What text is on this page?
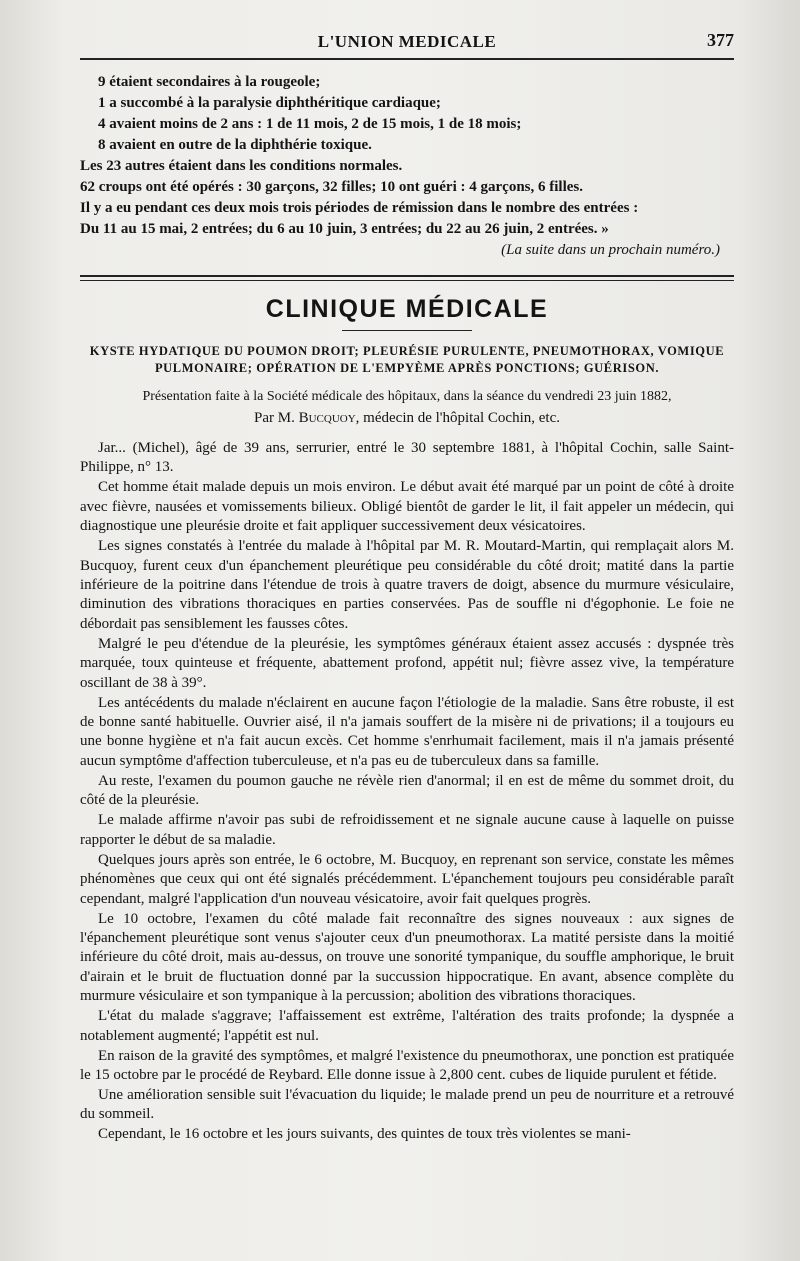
L'UNION MEDICALE	377
9 étaient secondaires à la rougeole;
1 a succombé à la paralysie diphthéritique cardiaque;
4 avaient moins de 2 ans : 1 de 11 mois, 2 de 15 mois, 1 de 18 mois;
8 avaient en outre de la diphthérie toxique.
Les 23 autres étaient dans les conditions normales.
62 croups ont été opérés : 30 garçons, 32 filles; 10 ont guéri : 4 garçons, 6 filles.
Il y a eu pendant ces deux mois trois périodes de rémission dans le nombre des entrées :
Du 11 au 15 mai, 2 entrées; du 6 au 10 juin, 3 entrées; du 22 au 26 juin, 2 entrées. »
(La suite dans un prochain numéro.)
CLINIQUE MÉDICALE
KYSTE HYDATIQUE DU POUMON DROIT; PLEURÉSIE PURULENTE, PNEUMOTHORAX, VOMIQUE
PULMONAIRE; OPÉRATION DE L'EMPYÈME APRÈS PONCTIONS; GUÉRISON.
Présentation faite à la Société médicale des hôpitaux, dans la séance du vendredi 23 juin 1882,
Par M. Bucquoy, médecin de l'hôpital Cochin, etc.

Jar... (Michel), âgé de 39 ans, serrurier, entré le 30 septembre 1881, à l'hôpital Cochin, salle Saint-Philippe, n° 13.

Cet homme était malade depuis un mois environ. Le début avait été marqué par un point de côté à droite avec fièvre, nausées et vomissements bilieux. Obligé bientôt de garder le lit, il fait appeler un médecin, qui diagnostique une pleurésie droite et fait appliquer successivement deux vésicatoires.

Les signes constatés à l'entrée du malade à l'hôpital par M. R. Moutard-Martin, qui remplaçait alors M. Bucquoy, furent ceux d'un épanchement pleurétique peu considérable du côté droit; matité dans la partie inférieure de la poitrine dans l'étendue de trois à quatre travers de doigt, absence du murmure vésiculaire, diminution des vibrations thoraciques en parties conservées. Pas de souffle ni d'égophonie. Le foie ne débordait pas sensiblement les fausses côtes.

Malgré le peu d'étendue de la pleurésie, les symptômes généraux étaient assez accusés : dyspnée très marquée, toux quinteuse et fréquente, abattement profond, appétit nul; fièvre assez vive, la température oscillant de 38 à 39°.

Les antécédents du malade n'éclairent en aucune façon l'étiologie de la maladie. Sans être robuste, il est de bonne santé habituelle. Ouvrier aisé, il n'a jamais souffert de la misère ni de privations; il a toujours eu une bonne hygiène et n'a fait aucun excès. Cet homme s'enrhumait facilement, mais il n'a jamais présenté aucun symptôme d'affection tuberculeuse, et n'a pas eu de tuberculeux dans sa famille.

Au reste, l'examen du poumon gauche ne révèle rien d'anormal; il en est de même du sommet droit, du côté de la pleurésie.

Le malade affirme n'avoir pas subi de refroidissement et ne signale aucune cause à laquelle on puisse rapporter le début de sa maladie.

Quelques jours après son entrée, le 6 octobre, M. Bucquoy, en reprenant son service, constate les mêmes phénomènes que ceux qui ont été signalés précédemment. L'épanchement toujours peu considérable paraît cependant, malgré l'application d'un nouveau vésicatoire, avoir fait quelques progrès.

Le 10 octobre, l'examen du côté malade fait reconnaître des signes nouveaux : aux signes de l'épanchement pleurétique sont venus s'ajouter ceux d'un pneumothorax. La matité persiste dans la moitié inférieure du côté droit, mais au-dessus, on trouve une sonorité tympanique, du souffle amphorique, le bruit d'airain et le bruit de fluctuation donné par la succussion hippocratique. En avant, absence complète du murmure vésiculaire et son tympanique à la percussion; abolition des vibrations thoraciques.

L'état du malade s'aggrave; l'affaissement est extrême, l'altération des traits profonde; la dyspnée a notablement augmenté; l'appétit est nul.

En raison de la gravité des symptômes, et malgré l'existence du pneumothorax, une ponction est pratiquée le 15 octobre par le procédé de Reybard. Elle donne issue à 2,800 cent. cubes de liquide purulent et fétide.

Une amélioration sensible suit l'évacuation du liquide; le malade prend un peu de nourriture et a retrouvé du sommeil.

Cependant, le 16 octobre et les jours suivants, des quintes de toux très violentes se mani-
